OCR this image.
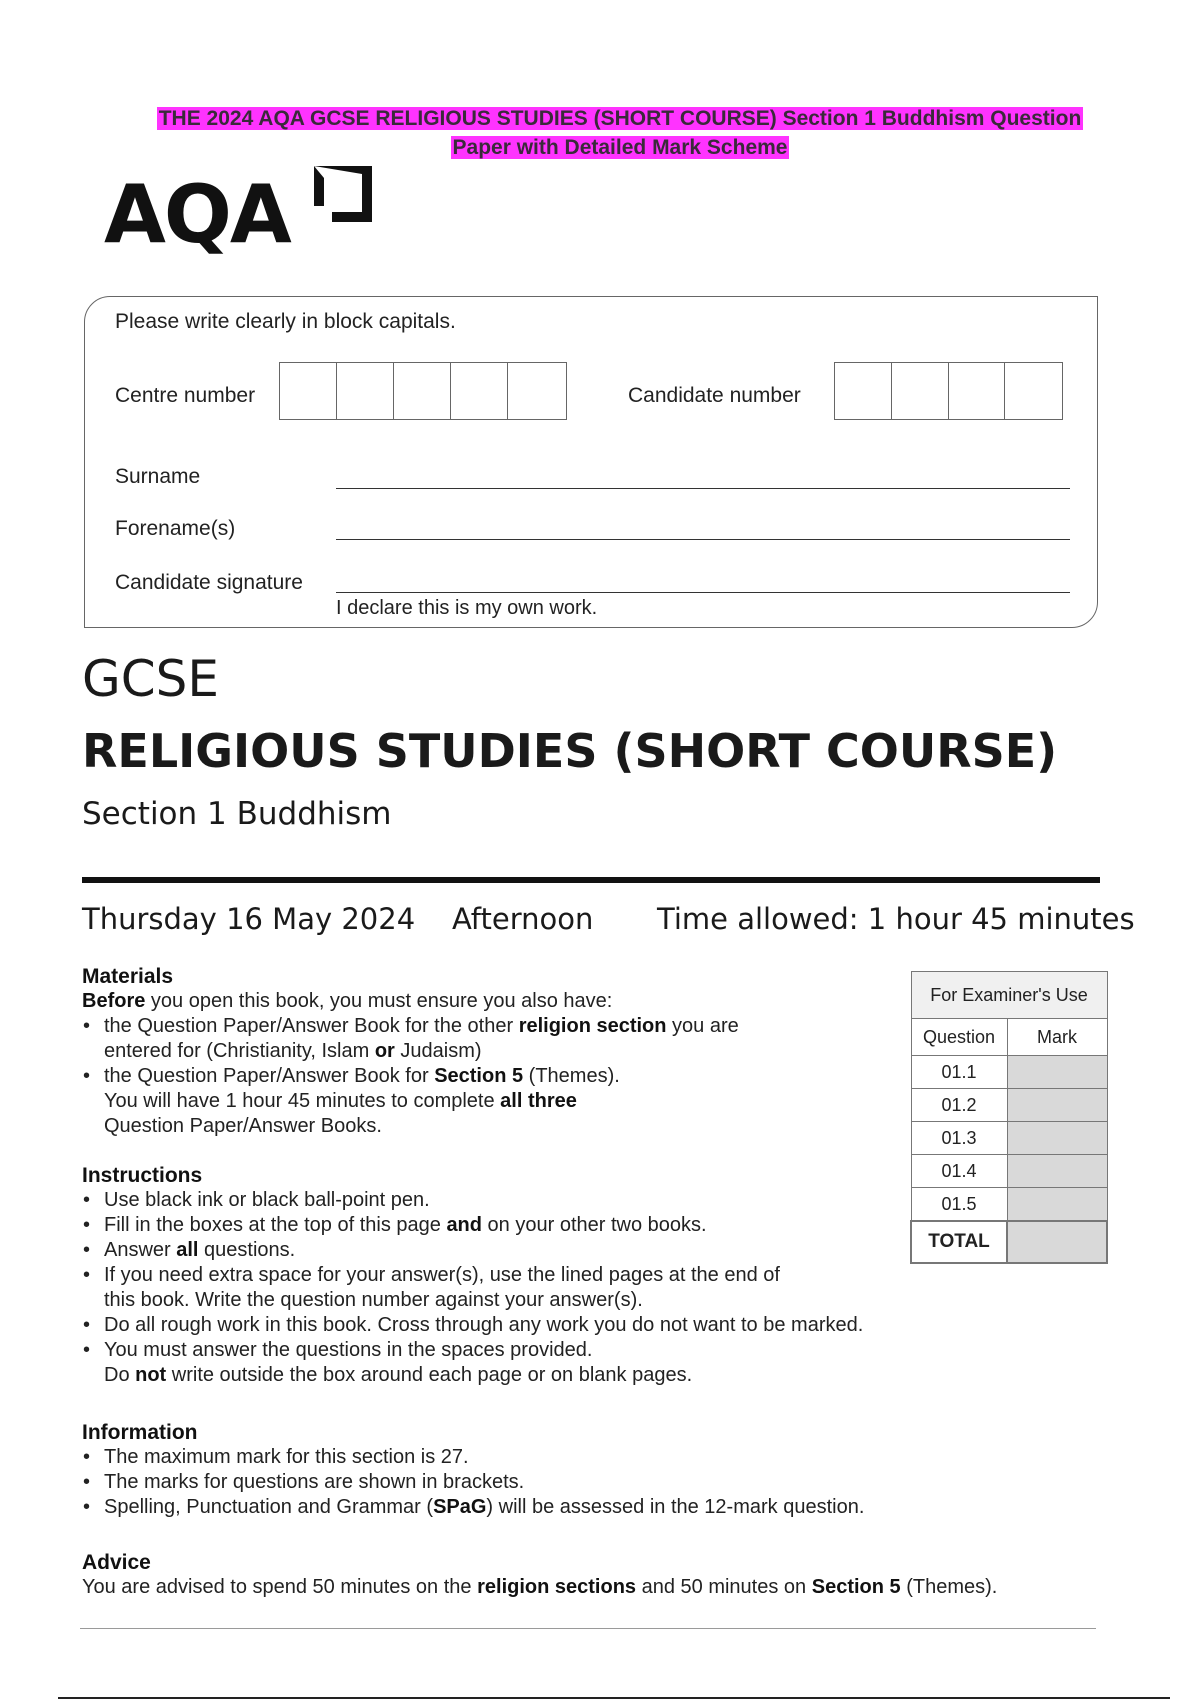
THE 2024 AQA GCSE RELIGIOUS STUDIES (SHORT COURSE) Section 1 Buddhism Question
Paper with Detailed Mark Scheme
AQA
Please write clearly in block capitals.
Centre number	Candidate number
Surname
Forename(s)
Candidate signature
I declare this is my own work.
GCSE
RELIGIOUS STUDIES (SHORT COURSE)
Section 1 Buddhism
Thursday 16 May 2024 Afternoon Time allowed: 1 hour 45 minutes
Materials

Before you open this book, you must ensure you also have:

• the Question Paper/Answer Book for the other religion section you are entered for (Christianity, Islam or Judaism)
• the Question Paper/Answer Book for Section 5 (Themes).
You will have 1 hour 45 minutes to complete all three
Question Paper/Answer Books.
Instructions
• Use black ink or black ball-point pen.
• Fill in the boxes at the top of this page and on your other two books.
• Answer all questions.
• If you need extra space for your answer(s), use the lined pages at the end of this book. Write the question number against your answer(s).
• Do all rough work in this book. Cross through any work you do not want to be marked.
• You must answer the questions in the spaces provided.
Do not write outside the box around each page or on blank pages.
Information
• The maximum mark for this section is 27.
• The marks for questions are shown in brackets.
• Spelling, Punctuation and Grammar (SPaG) will be assessed in the 12-mark question.
Advice

You are advised to spend 50 minutes on the religion sections and 50 minutes on Section 5 (Themes).

For Examiner's Use	
Question	Mark
01.1	
01.2	
01.3	
01.4	
01.5	
TOTAL	
